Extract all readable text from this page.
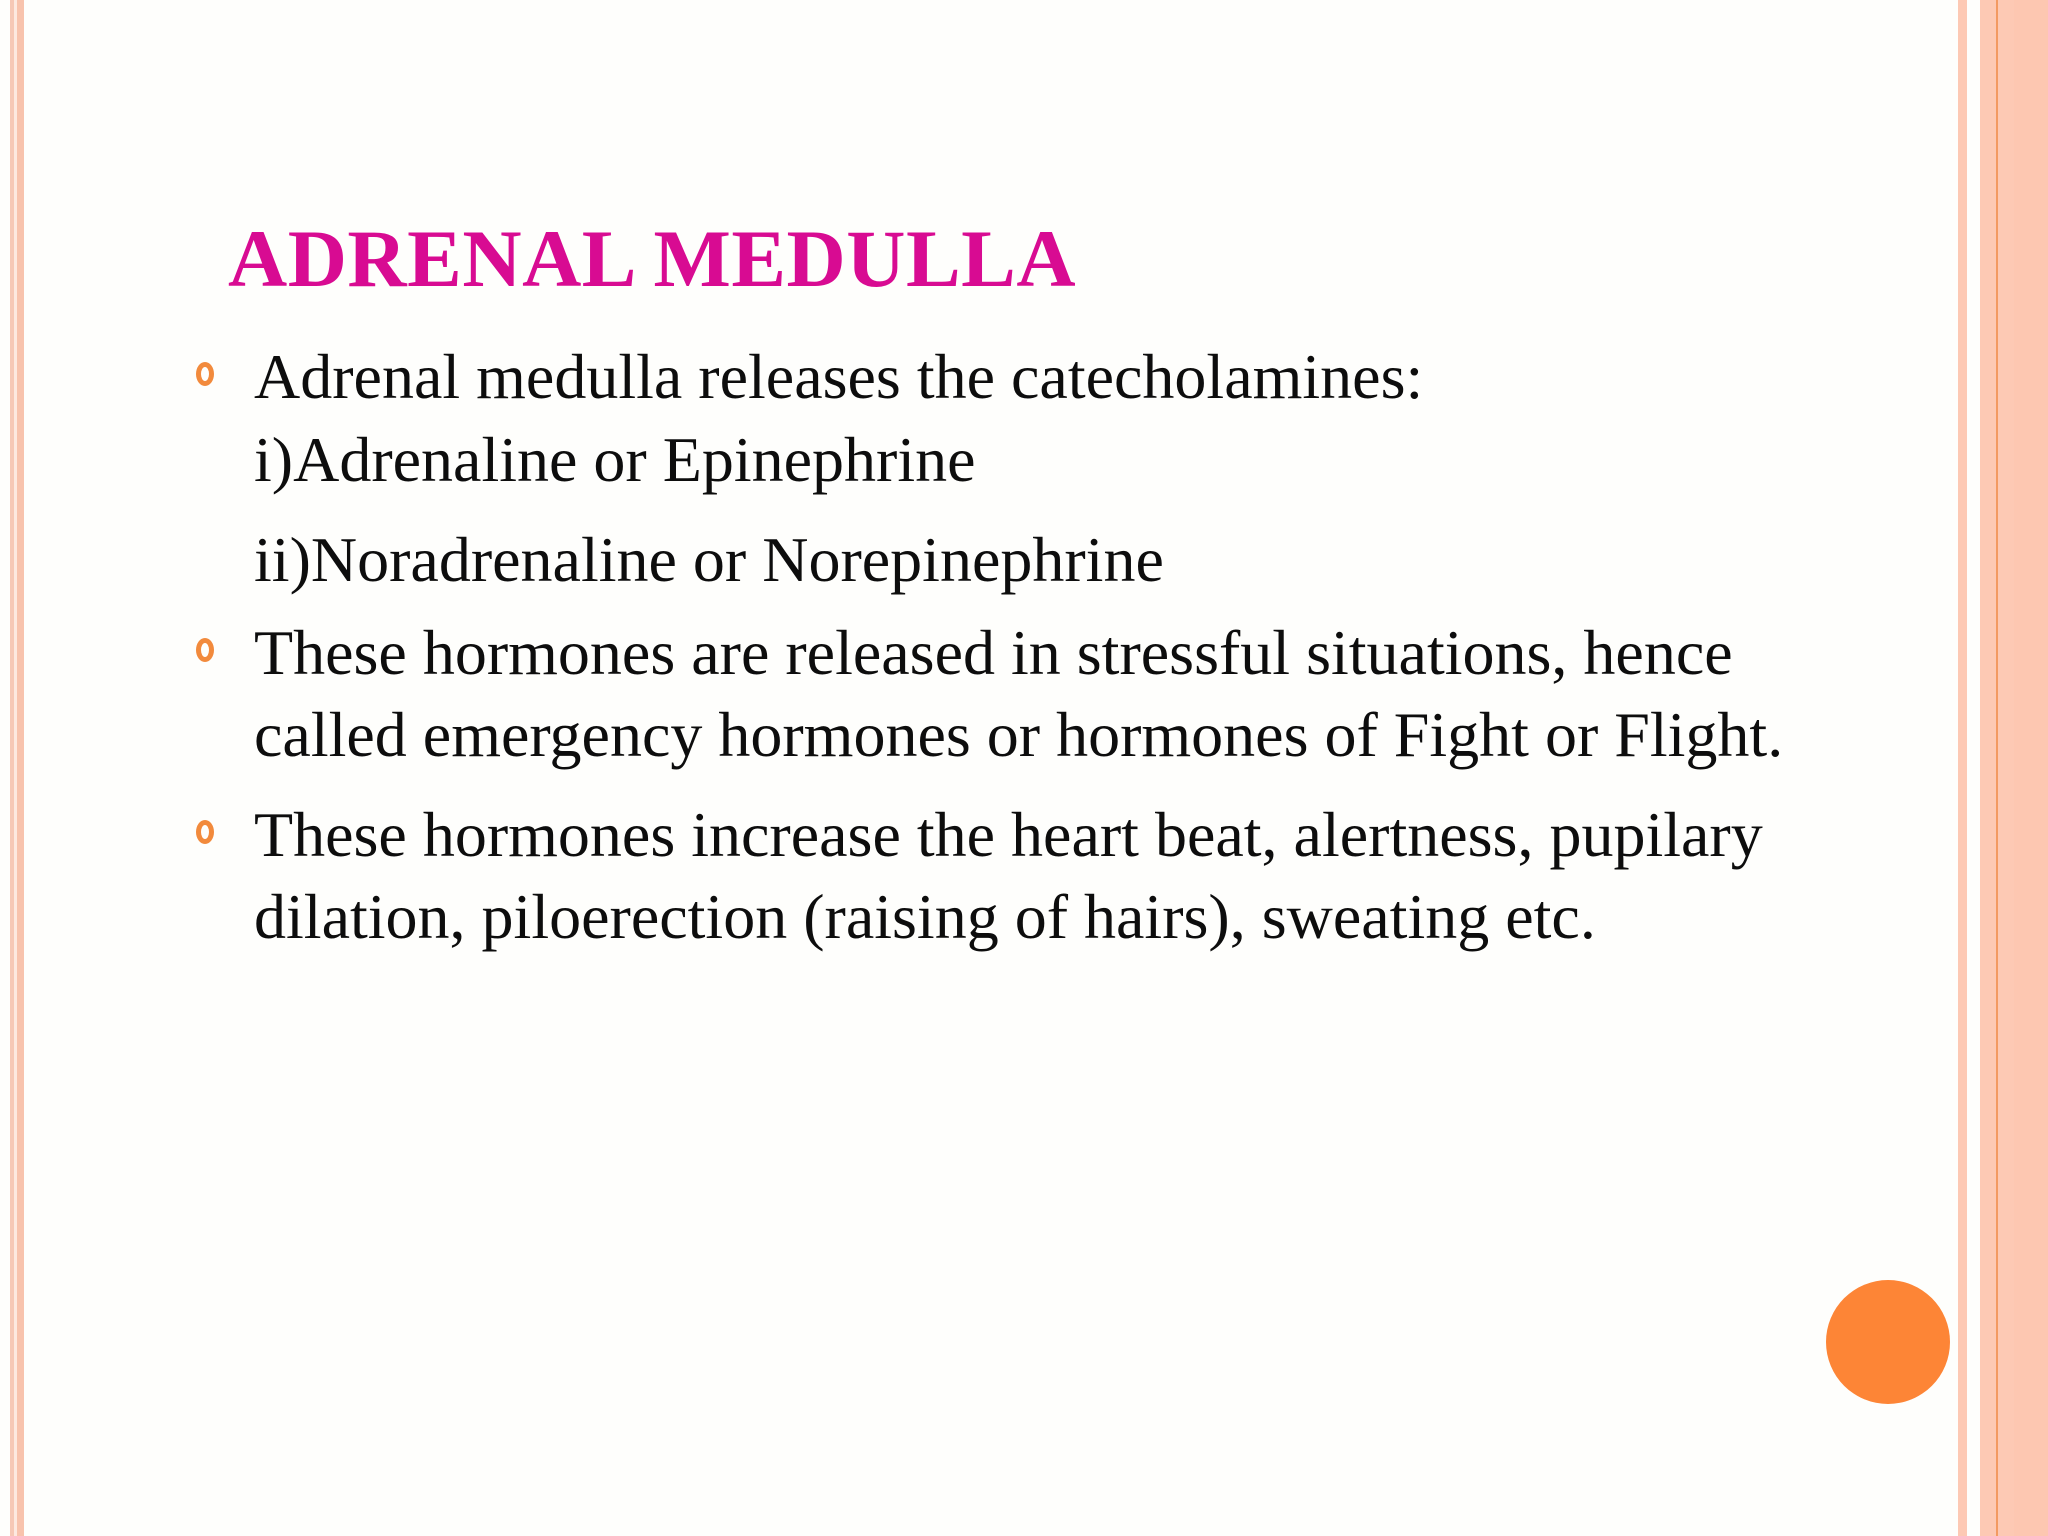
ADRENAL MEDULLA
Adrenal medulla releases the catecholamines:
i)Adrenaline or Epinephrine
ii)Noradrenaline or Norepinephrine
These hormones are released in stressful situations, hence called emergency hormones or hormones of Fight or Flight.
These hormones increase the heart beat, alertness, pupilary dilation, piloerection (raising of hairs), sweating etc.
